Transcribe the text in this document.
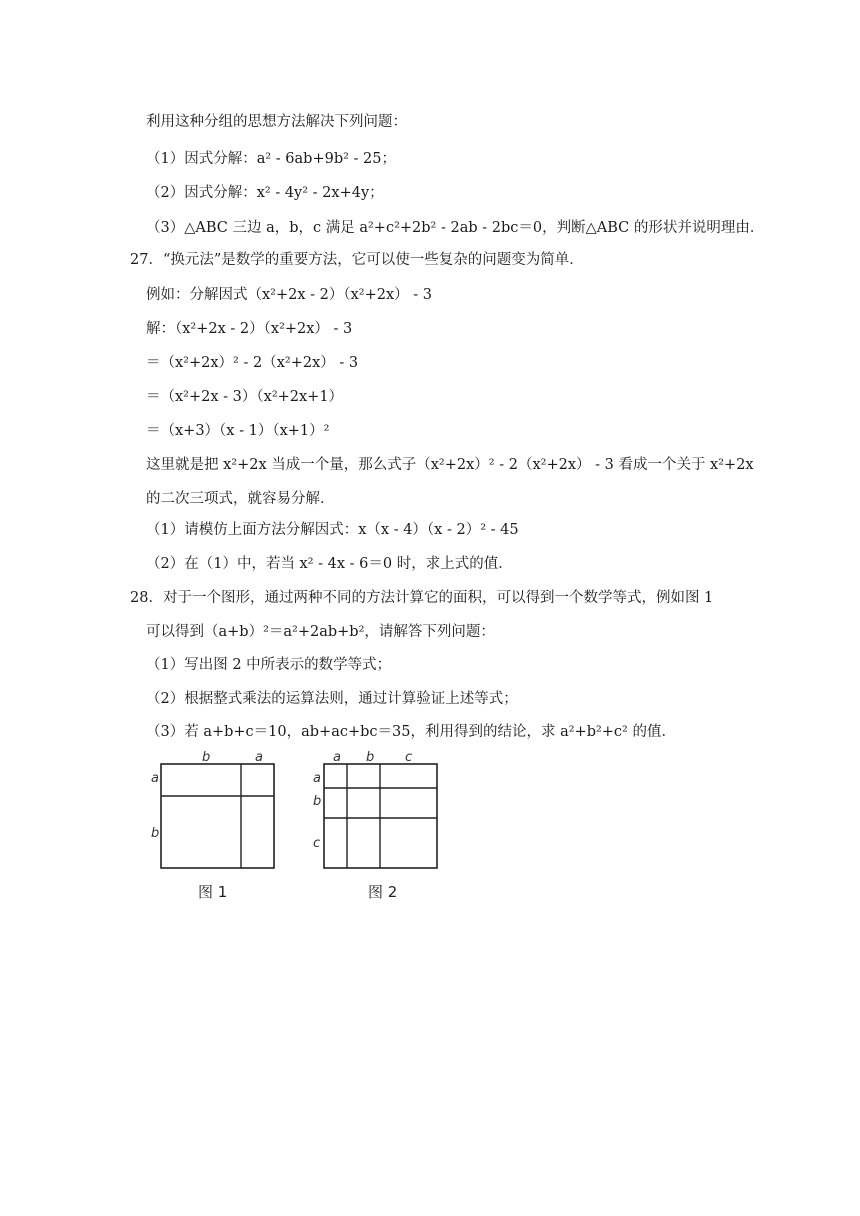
利用这种分组的思想方法解决下列问题：
（1）因式分解：a² - 6ab+9b² - 25；
（2）因式分解：x² - 4y² - 2x+4y；
（3）△ABC 三边 a，b，c 满足 a²+c²+2b² - 2ab - 2bc＝0，判断△ABC 的形状并说明理由．
27．“换元法”是数学的重要方法，它可以使一些复杂的问题变为简单．
例如：分解因式（x²+2x - 2）（x²+2x） - 3
解：（x²+2x - 2）（x²+2x） - 3
＝（x²+2x）² - 2（x²+2x） - 3
＝（x²+2x - 3）（x²+2x+1）
＝（x+3）（x - 1）（x+1）²
这里就是把 x²+2x 当成一个量，那么式子（x²+2x）² - 2（x²+2x） - 3 看成一个关于 x²+2x
的二次三项式，就容易分解．
（1）请模仿上面方法分解因式：x（x - 4）（x - 2）² - 45
（2）在（1）中，若当 x² - 4x - 6＝0 时，求上式的值．
28．对于一个图形，通过两种不同的方法计算它的面积，可以得到一个数学等式，例如图 1
可以得到（a+b）²＝a²+2ab+b²，请解答下列问题：
（1）写出图 2 中所表示的数学等式；
（2）根据整式乘法的运算法则，通过计算验证上述等式；
（3）若 a+b+c＝10，ab+ac+bc＝35，利用得到的结论，求 a²+b²+c² 的值．
b	a
a
b
图 1
a b c
a
b
c
图 2
